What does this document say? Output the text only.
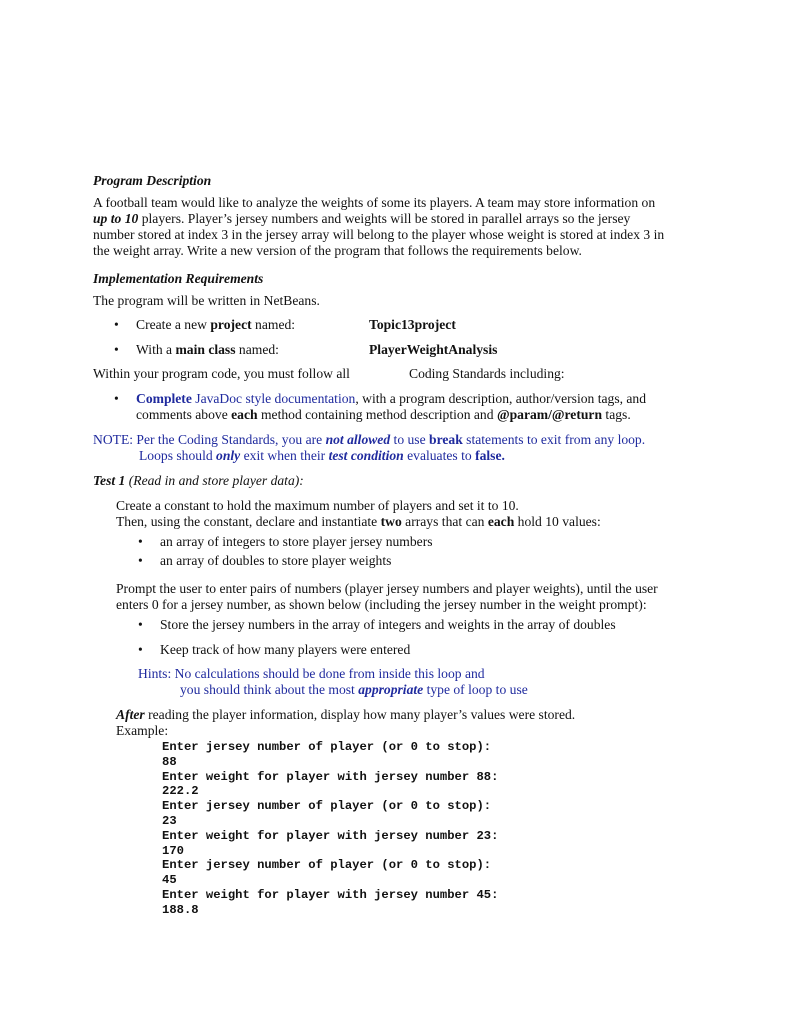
Program Description

A football team would like to analyze the weights of some its players. A team may store information on

up to 10 players. Player’s jersey numbers and weights will be stored in parallel arrays so the jersey

number stored at index 3 in the jersey array will belong to the player whose weight is stored at index 3 in

the weight array. Write a new version of the program that follows the requirements below.

Implementation Requirements

The program will be written in NetBeans.

•	Create a new project named:	Topic13project
•	With a main class named:	PlayerWeightAnalysis
Within your program code, you must follow all	Coding Standards including:
•	Complete JavaDoc style documentation, with a program description, author/version tags, and
comments above each method containing method description and @param/@return tags.

NOTE: Per the Coding Standards, you are not allowed to use break statements to exit from any loop.

Loops should only exit when their test condition evaluates to false.

Test 1 (Read in and store player data):

Create a constant to hold the maximum number of players and set it to 10.

Then, using the constant, declare and instantiate two arrays that can each hold 10 values:

•	an array of integers to store player jersey numbers
•	an array of doubles to store player weights

Prompt the user to enter pairs of numbers (player jersey numbers and player weights), until the user

enters 0 for a jersey number, as shown below (including the jersey number in the weight prompt):

•	Store the jersey numbers in the array of integers and weights in the array of doubles
•	Keep track of how many players were entered

Hints: No calculations should be done from inside this loop and

you should think about the most appropriate type of loop to use

After reading the player information, display how many player’s values were stored.

Example:

Enter jersey number of player (or 0 to stop):
88
Enter weight for player with jersey number 88:
222.2
Enter jersey number of player (or 0 to stop):
23
Enter weight for player with jersey number 23:
170
Enter jersey number of player (or 0 to stop):
45
Enter weight for player with jersey number 45:
188.8
